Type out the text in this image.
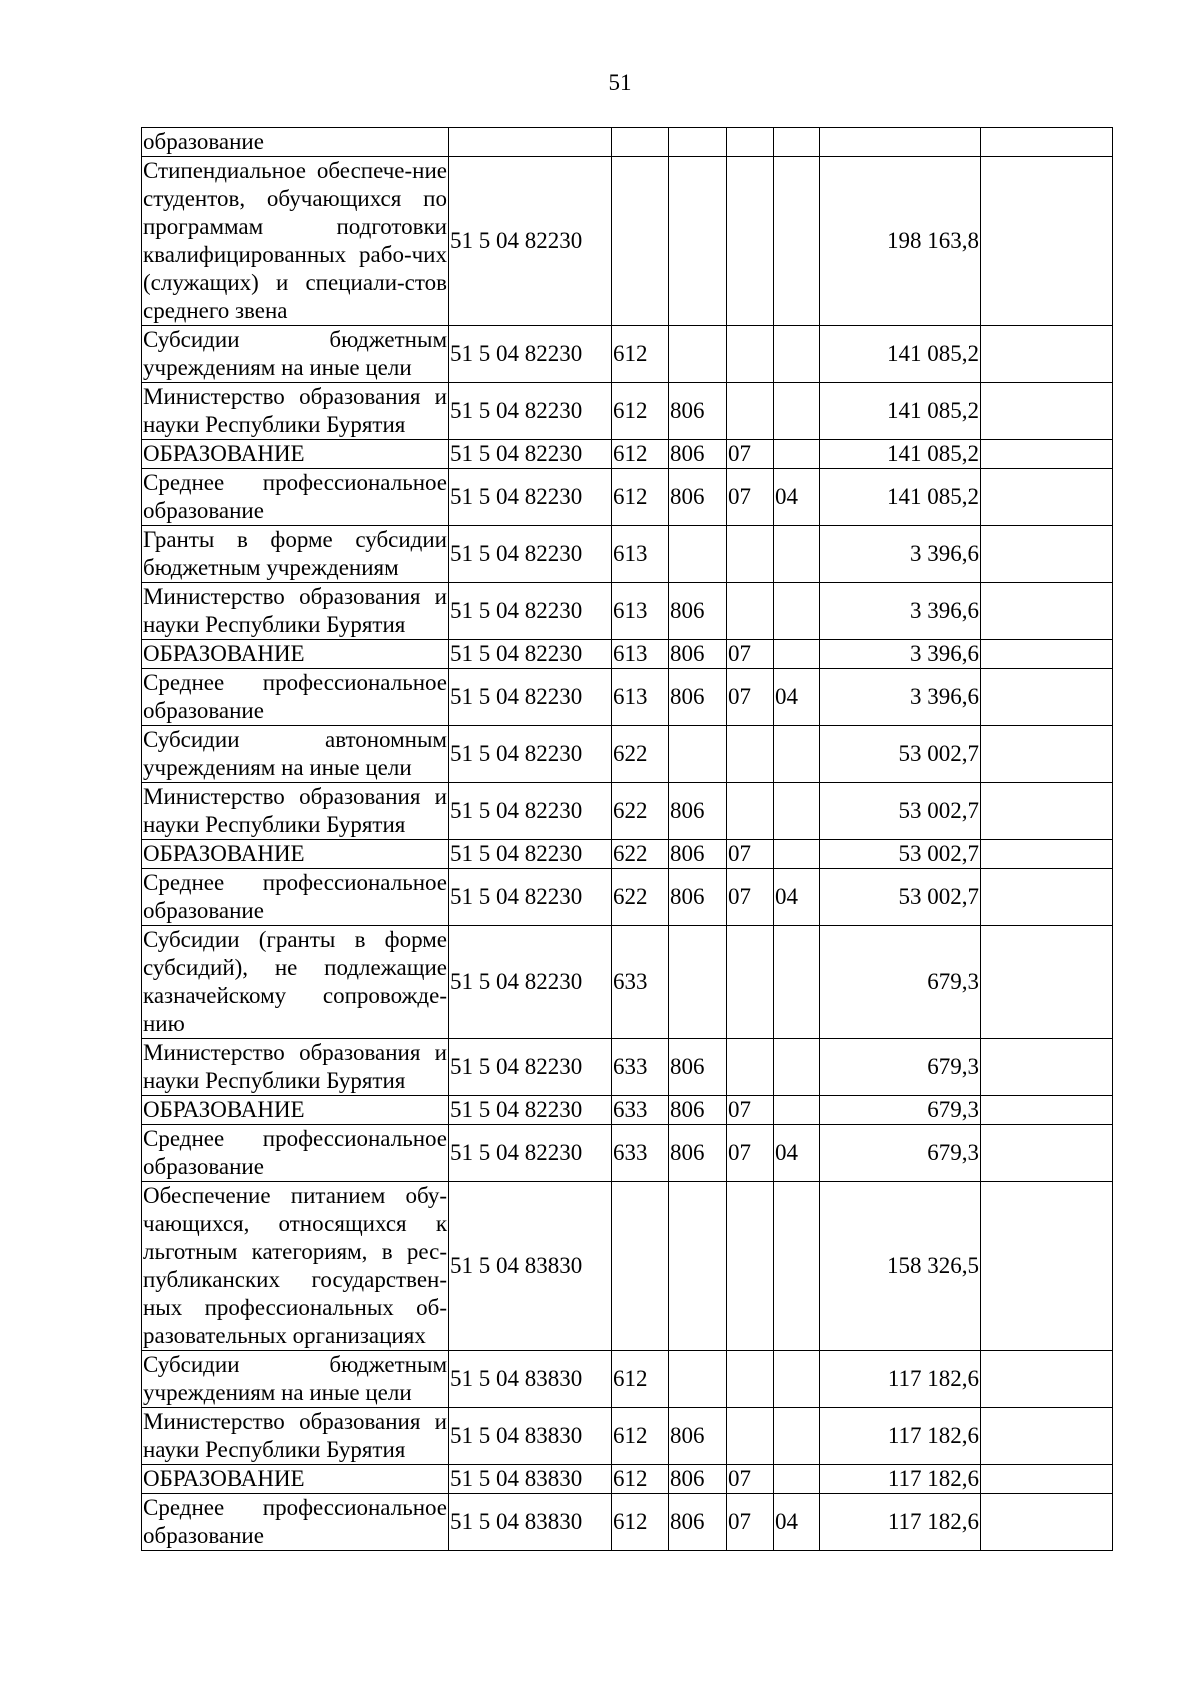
51
образование							
Стипендиальное обеспече-ние студентов, обучающихся по программам подготовки квалифицированных рабо-чих (служащих) и специали-стов среднего звена	51 5 04 82230					198 163,8	
Субсидии бюджетным учреждениям на иные цели	51 5 04 82230	612				141 085,2	
Министерство образования и науки Республики Бурятия	51 5 04 82230	612	806			141 085,2	
ОБРАЗОВАНИЕ	51 5 04 82230	612	806	07		141 085,2	
Среднее профессиональное образование	51 5 04 82230	612	806	07	04	141 085,2	
Гранты в форме субсидии бюджетным учреждениям	51 5 04 82230	613				3 396,6	
Министерство образования и науки Республики Бурятия	51 5 04 82230	613	806			3 396,6	
ОБРАЗОВАНИЕ	51 5 04 82230	613	806	07		3 396,6	
Среднее профессиональное образование	51 5 04 82230	613	806	07	04	3 396,6	
Субсидии автономным учреждениям на иные цели	51 5 04 82230	622				53 002,7	
Министерство образования и науки Республики Бурятия	51 5 04 82230	622	806			53 002,7	
ОБРАЗОВАНИЕ	51 5 04 82230	622	806	07		53 002,7	
Среднее профессиональное образование	51 5 04 82230	622	806	07	04	53 002,7	
Субсидии (гранты в форме субсидий), не подлежащие казначейскому сопровожде-нию	51 5 04 82230	633				679,3	
Министерство образования и науки Республики Бурятия	51 5 04 82230	633	806			679,3	
ОБРАЗОВАНИЕ	51 5 04 82230	633	806	07		679,3	
Среднее профессиональное образование	51 5 04 82230	633	806	07	04	679,3	
Обеспечение питанием обу-чающихся, относящихся к льготным категориям, в рес-публиканских государствен-ных профессиональных об-разовательных организациях	51 5 04 83830					158 326,5	
Субсидии бюджетным учреждениям на иные цели	51 5 04 83830	612				117 182,6	
Министерство образования и науки Республики Бурятия	51 5 04 83830	612	806			117 182,6	
ОБРАЗОВАНИЕ	51 5 04 83830	612	806	07		117 182,6	
Среднее профессиональное образование	51 5 04 83830	612	806	07	04	117 182,6	
